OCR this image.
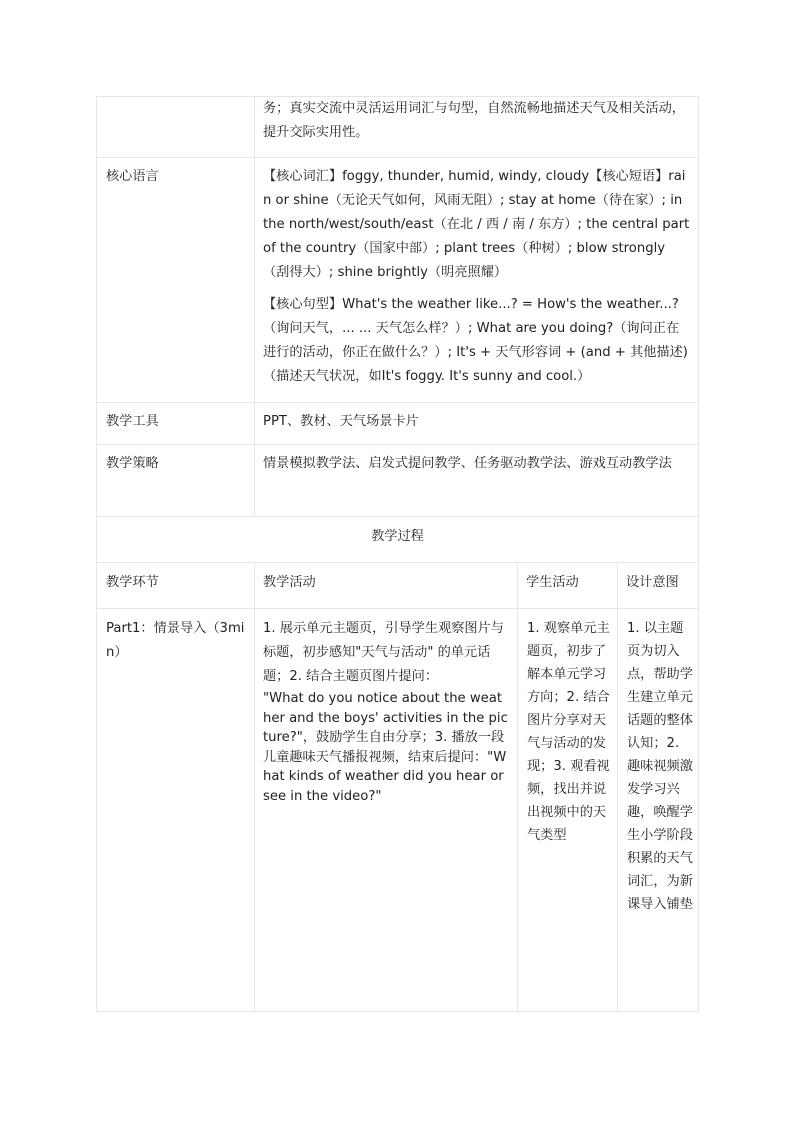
	务；真实交流中灵活运用词汇与句型，自然流畅地描述天气及相关活动，提升交际实用性。		

核心语言	【核心词汇】foggy, thunder, humid, windy, cloudy【核心短语】rain or shine（无论天气如何，风雨无阻）; stay at home（待在家）; in the north/west/south/east（在北 / 西 / 南 / 东方）; the central part of the country（国家中部）; plant trees（种树）; blow strongly（刮得大）; shine brightly（明亮照耀）

【核心句型】What's the weather like...? = How's the weather...?（询问天气，... ... 天气怎么样？）; What are you doing?（询问正在进行的活动，你正在做什么？）; It's + 天气形容词 + (and + 其他描述)（描述天气状况，如It's foggy. It's sunny and cool.）		

教学工具	PPT、教材、天气场景卡片		
教学策略	情景模拟教学法、启发式提问教学、任务驱动教学法、游戏互动教学法		
教学过程			
教学环节	教学活动	学生活动	设计意图
Part1：情景导入（3min）	1. 展示单元主题页，引导学生观察图片与标题，初步感知"天气与活动" 的单元话题；2. 结合主题页图片提问：

"What do you notice about the weather and the boys' activities in the picture?"，鼓励学生自由分享；3. 播放一段儿童趣味天气播报视频，结束后提问："What kinds of weather did you hear or see in the video?"	1. 观察单元主题页，初步了解本单元学习方向；2. 结合图片分享对天气与活动的发现；3. 观看视频，找出并说出视频中的天气类型	1. 以主题页为切入点，帮助学生建立单元话题的整体认知；2. 趣味视频激发学习兴趣，唤醒学生小学阶段积累的天气词汇，为新课导入铺垫
